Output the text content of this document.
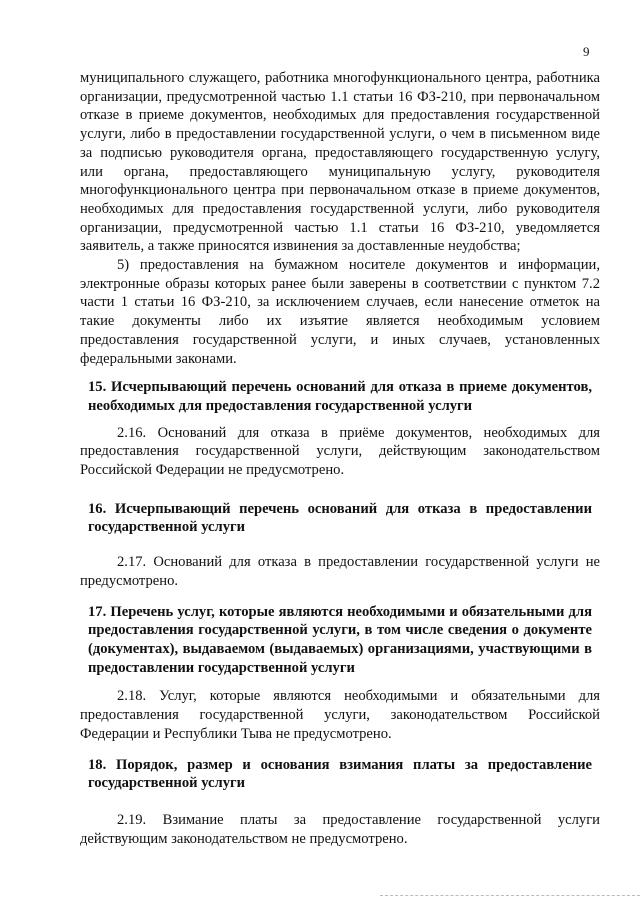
9

муниципального служащего, работника многофункционального центра, работника организации, предусмотренной частью 1.1 статьи 16 ФЗ-210, при первоначальном отказе в приеме документов, необходимых для предоставления государственной услуги, либо в предоставлении государственной услуги, о чем в письменном виде за подписью руководителя органа, предоставляющего государственную услугу, или органа, предоставляющего муниципальную услугу, руководителя многофункционального центра при первоначальном отказе в приеме документов, необходимых для предоставления государственной услуги, либо руководителя организации, предусмотренной частью 1.1 статьи 16 ФЗ-210, уведомляется заявитель, а также приносятся извинения за доставленные неудобства;

5) предоставления на бумажном носителе документов и информации, электронные образы которых ранее были заверены в соответствии с пунктом 7.2 части 1 статьи 16 ФЗ-210, за исключением случаев, если нанесение отметок на такие документы либо их изъятие является необходимым условием предоставления государственной услуги, и иных случаев, установленных федеральными законами.

15. Исчерпывающий перечень оснований для отказа в приеме документов, необходимых для предоставления государственной услуги

2.16. Оснований для отказа в приёме документов, необходимых для предоставления государственной услуги, действующим законодательством Российской Федерации не предусмотрено.

16. Исчерпывающий перечень оснований для отказа в предоставлении государственной услуги

2.17. Оснований для отказа в предоставлении государственной услуги не предусмотрено.

17. Перечень услуг, которые являются необходимыми и обязательными для предоставления государственной услуги, в том числе сведения о документе (документах), выдаваемом (выдаваемых) организациями, участвующими в предоставлении государственной услуги

2.18. Услуг, которые являются необходимыми и обязательными для предоставления государственной услуги, законодательством Российской Федерации и Республики Тыва не предусмотрено.

18. Порядок, размер и основания взимания платы за предоставление государственной услуги

2.19. Взимание платы за предоставление государственной услуги действующим законодательством не предусмотрено.
